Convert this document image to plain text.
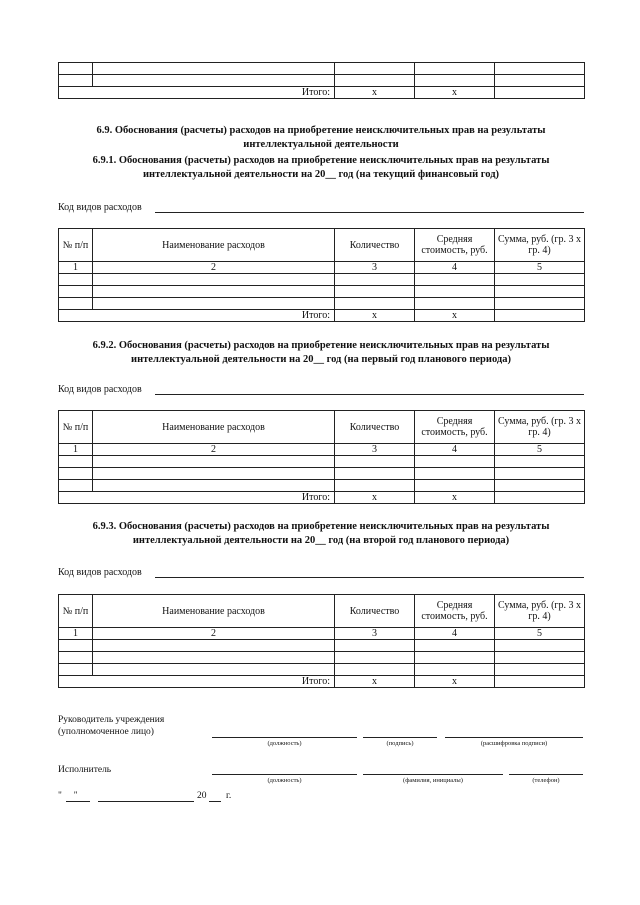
Итого:		х	х	
6.9. Обоснования (расчеты) расходов на приобретение неисключительных прав на результаты
интеллектуальной деятельности
6.9.1. Обоснования (расчеты) расходов на приобретение неисключительных прав на результаты
интеллектуальной деятельности на 20__ год (на текущий финансовый год)
Код видов расходов
№ п/п	Наименование расходов	Количество	Средняя стоимость, руб.	Сумма, руб. (гр. 3 х гр. 4)
1	2	3	4	5

Итого:		х	х	
6.9.2. Обоснования (расчеты) расходов на приобретение неисключительных прав на результаты
интеллектуальной деятельности на 20__ год (на первый год планового периода)
Код видов расходов
№ п/п	Наименование расходов	Количество	Средняя стоимость, руб.	Сумма, руб. (гр. 3 х гр. 4)
1	2	3	4	5

Итого:		х	х	
6.9.3. Обоснования (расчеты) расходов на приобретение неисключительных прав на результаты
интеллектуальной деятельности на 20__ год (на второй год планового периода)
Код видов расходов
№ п/п	Наименование расходов	Количество	Средняя стоимость, руб.	Сумма, руб. (гр. 3 х гр. 4)
1	2	3	4	5

Итого:		х	х	
Руководитель учреждения
(уполномоченное лицо)
(должность)	(подпись)	(расшифровка подписи)
Исполнитель
(должность)	(фамилия, инициалы)	(телефон)
"     "	20 г.
